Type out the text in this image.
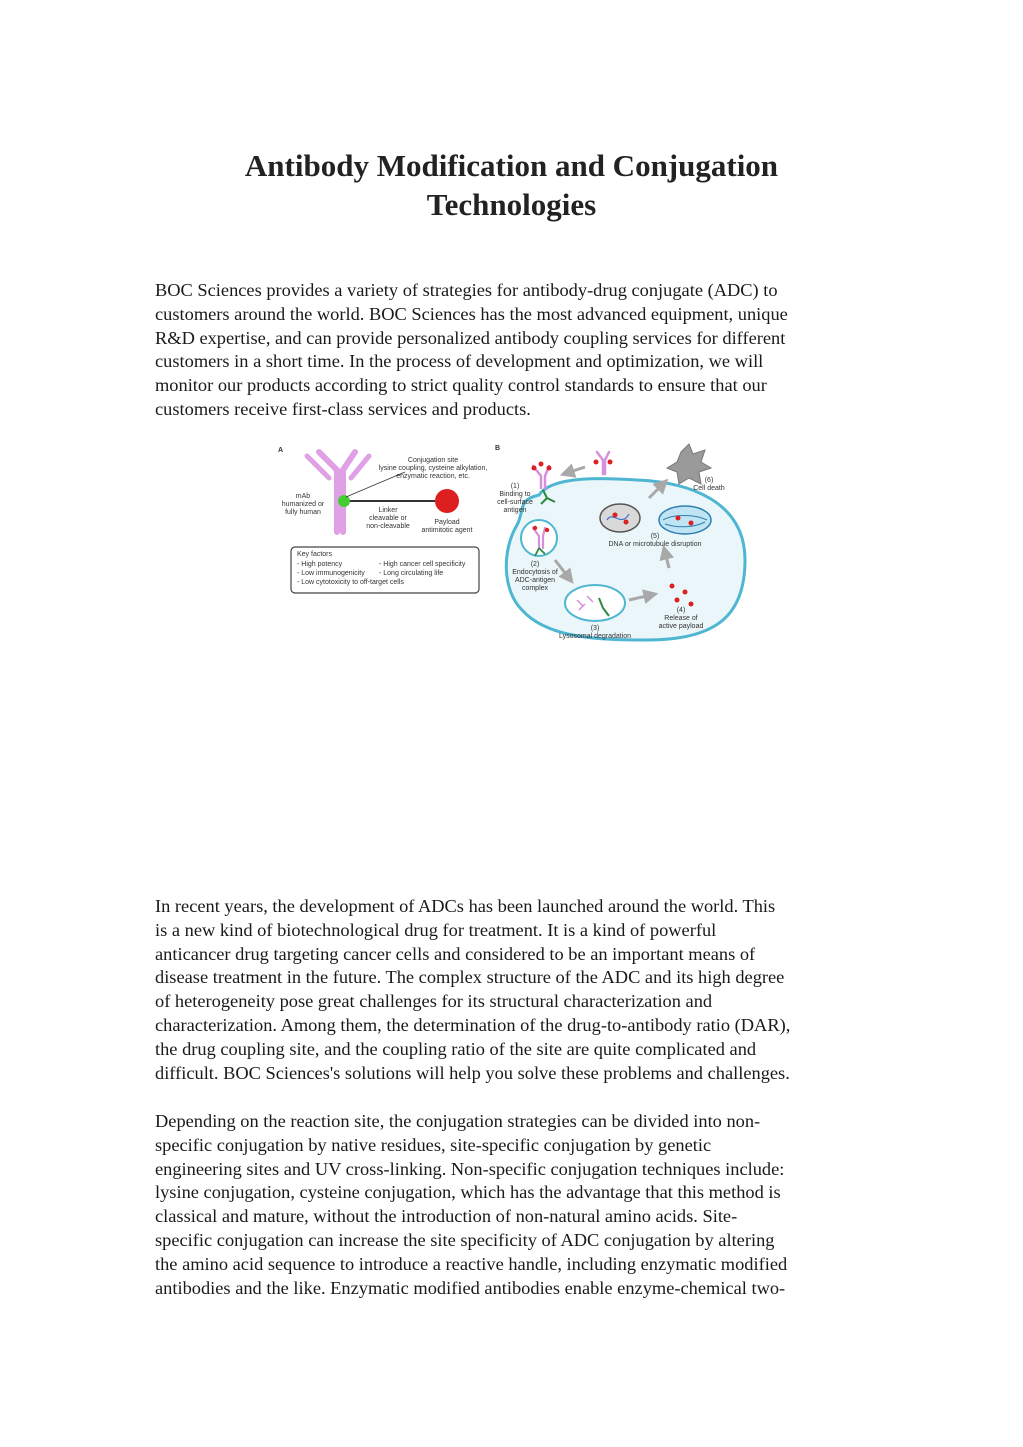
Antibody Modification and Conjugation
Technologies
BOC Sciences provides a variety of strategies for antibody-drug conjugate (ADC) to
customers around the world. BOC Sciences has the most advanced equipment, unique
R&D expertise, and can provide personalized antibody coupling services for different
customers in a short time. In the process of development and optimization, we will
monitor our products according to strict quality control standards to ensure that our
customers receive first-class services and products.
A
Conjugation site
lysine coupling, cysteine alkylation,
enzymatic reaction, etc.
mAb
humanized or
fully human	Linker
cleavable or
non-cleavable
Payload
antimitotic agent
Key factors
- High potency
- Low immunogenicity
- Low cytotoxicity to off-target cells
- High cancer cell specificity
- Long circulating life
B
(1)
Binding to
cell-surface
antigen
(2)
Endocytosis of
ADC-antigen
complex
(3)
Lysosomal degradation
(4)
Release of
active payload
(5)
DNA or microtubule disruption
(6)
Cell death
In recent years, the development of ADCs has been launched around the world. This
is a new kind of biotechnological drug for treatment. It is a kind of powerful
anticancer drug targeting cancer cells and considered to be an important means of
disease treatment in the future. The complex structure of the ADC and its high degree
of heterogeneity pose great challenges for its structural characterization and
characterization. Among them, the determination of the drug-to-antibody ratio (DAR),
the drug coupling site, and the coupling ratio of the site are quite complicated and
difficult. BOC Sciences's solutions will help you solve these problems and challenges.
Depending on the reaction site, the conjugation strategies can be divided into non-
specific conjugation by native residues, site-specific conjugation by genetic
engineering sites and UV cross-linking. Non-specific conjugation techniques include:
lysine conjugation, cysteine conjugation, which has the advantage that this method is
classical and mature, without the introduction of non-natural amino acids. Site-
specific conjugation can increase the site specificity of ADC conjugation by altering
the amino acid sequence to introduce a reactive handle, including enzymatic modified
antibodies and the like. Enzymatic modified antibodies enable enzyme-chemical two-
